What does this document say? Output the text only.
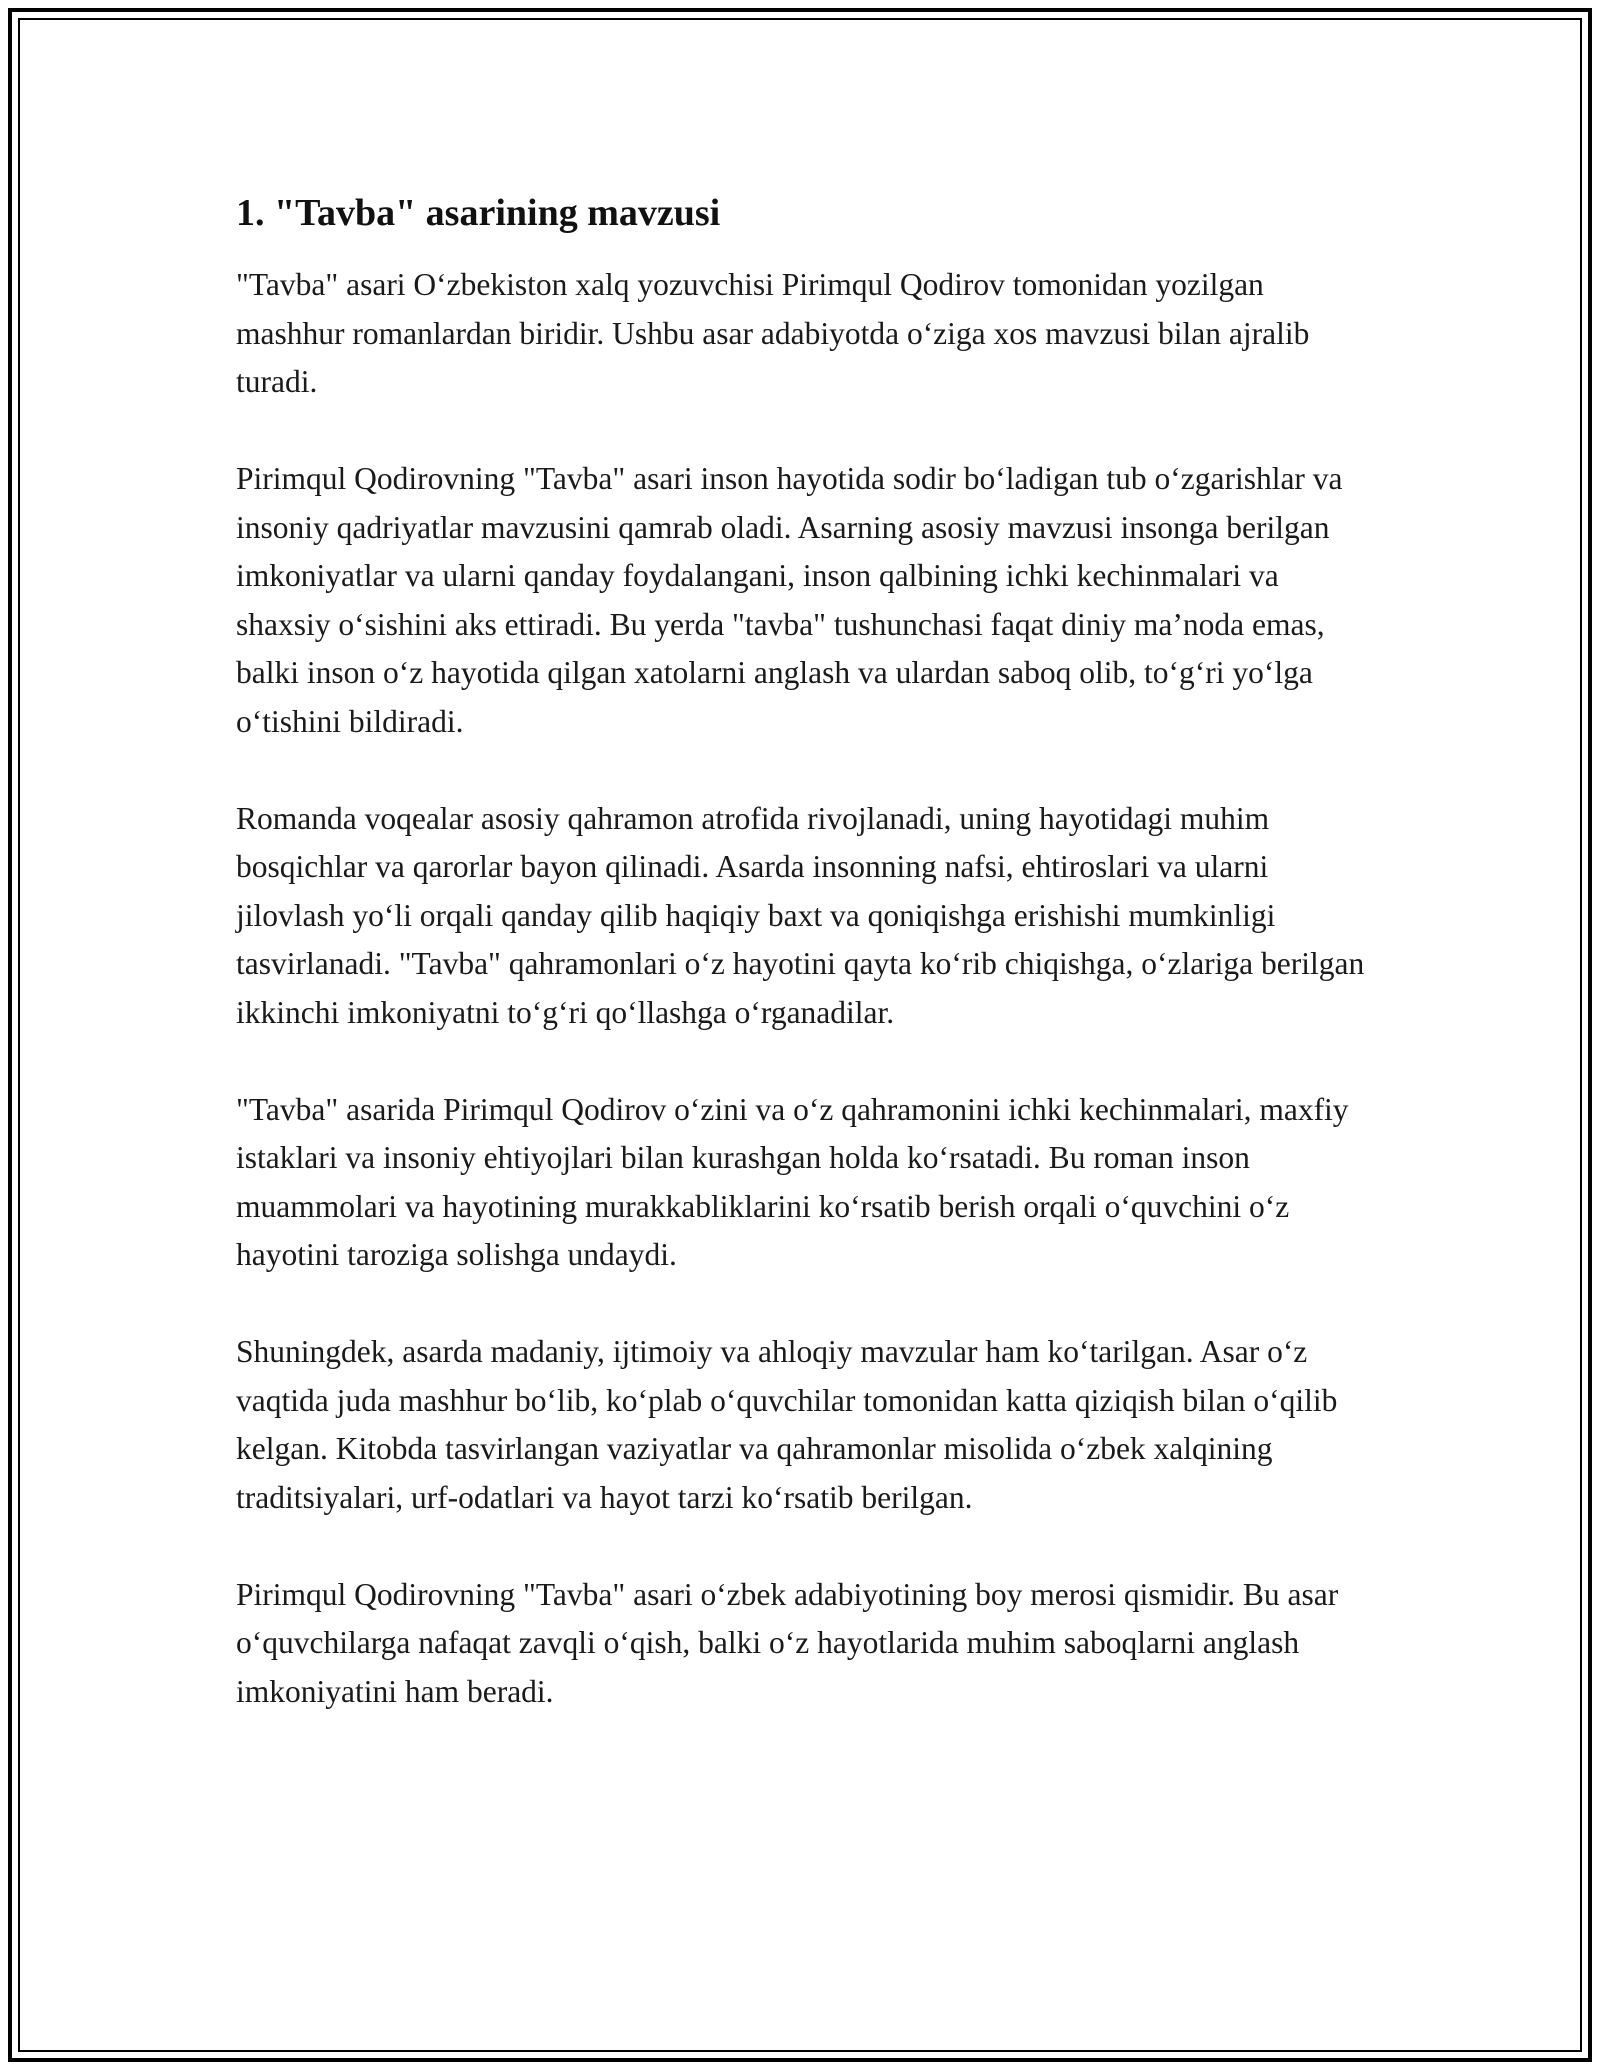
1. "Tavba" asarining mavzusi

"Tavba" asari O‘zbekiston xalq yozuvchisi Pirimqul Qodirov tomonidan yozilgan mashhur romanlardan biridir. Ushbu asar adabiyotda o‘ziga xos mavzusi bilan ajralib turadi.

Pirimqul Qodirovning "Tavba" asari inson hayotida sodir bo‘ladigan tub o‘zgarishlar va insoniy qadriyatlar mavzusini qamrab oladi. Asarning asosiy mavzusi insonga berilgan imkoniyatlar va ularni qanday foydalangani, inson qalbining ichki kechinmalari va shaxsiy o‘sishini aks ettiradi. Bu yerda "tavba" tushunchasi faqat diniy ma’noda emas, balki inson o‘z hayotida qilgan xatolarni anglash va ulardan saboq olib, to‘g‘ri yo‘lga o‘tishini bildiradi.

Romanda voqealar asosiy qahramon atrofida rivojlanadi, uning hayotidagi muhim bosqichlar va qarorlar bayon qilinadi. Asarda insonning nafsi, ehtiroslari va ularni jilovlash yo‘li orqali qanday qilib haqiqiy baxt va qoniqishga erishishi mumkinligi tasvirlanadi. "Tavba" qahramonlari o‘z hayotini qayta ko‘rib chiqishga, o‘zlariga berilgan ikkinchi imkoniyatni to‘g‘ri qo‘llashga o‘rganadilar.

"Tavba" asarida Pirimqul Qodirov o‘zini va o‘z qahramonini ichki kechinmalari, maxfiy istaklari va insoniy ehtiyojlari bilan kurashgan holda ko‘rsatadi. Bu roman inson muammolari va hayotining murakkabliklarini ko‘rsatib berish orqali o‘quvchini o‘z hayotini taroziga solishga undaydi.

Shuningdek, asarda madaniy, ijtimoiy va ahloqiy mavzular ham ko‘tarilgan. Asar o‘z vaqtida juda mashhur bo‘lib, ko‘plab o‘quvchilar tomonidan katta qiziqish bilan o‘qilib kelgan. Kitobda tasvirlangan vaziyatlar va qahramonlar misolida o‘zbek xalqining traditsiyalari, urf-odatlari va hayot tarzi ko‘rsatib berilgan.

Pirimqul Qodirovning "Tavba" asari o‘zbek adabiyotining boy merosi qismidir. Bu asar o‘quvchilarga nafaqat zavqli o‘qish, balki o‘z hayotlarida muhim saboqlarni anglash imkoniyatini ham beradi.
